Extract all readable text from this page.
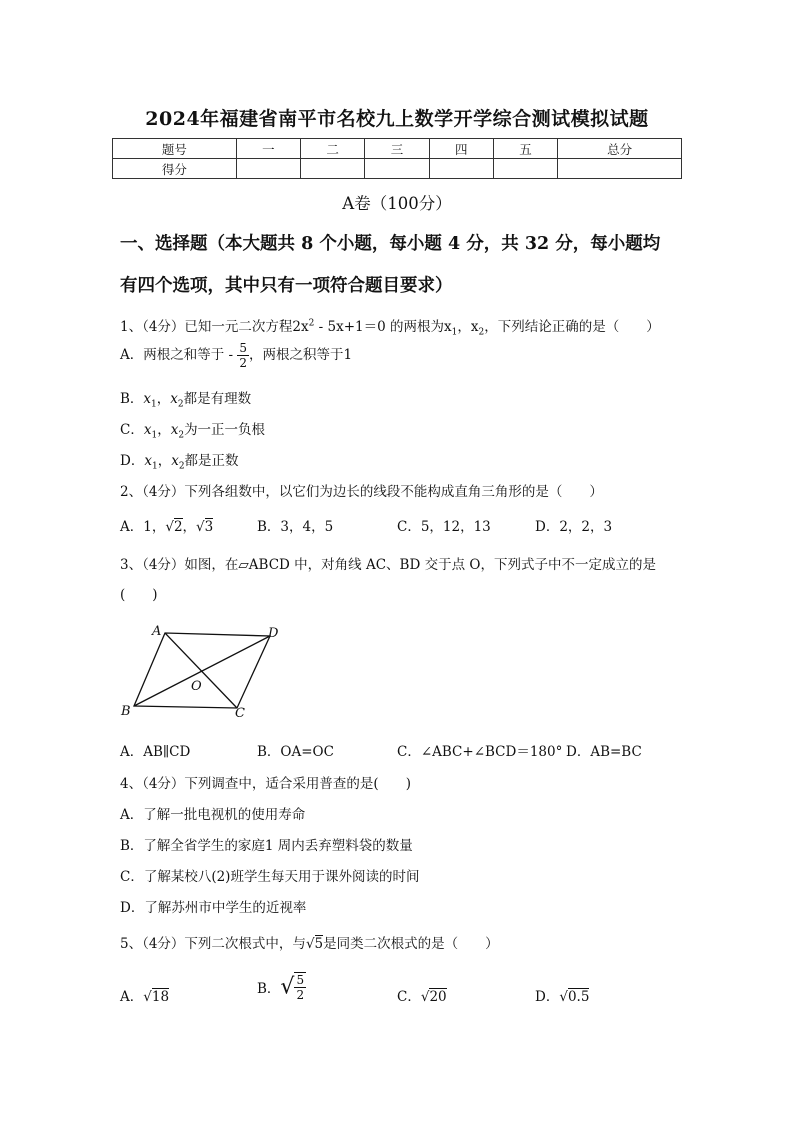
2024年福建省南平市名校九上数学开学综合测试模拟试题
题号	一	二	三	四	五	总分
得分						
A卷（100分）
一、选择题（本大题共 8 个小题，每小题 4 分，共 32 分，每小题均
有四个选项，其中只有一项符合题目要求）
1、（4分）已知一元二次方程$2x^2 - 5x+1=0$ 的两根为$x_1$，$x_2$，下列结论正确的是（　　）
A．两根之和等于 - $\frac{5}{2}$ ，两根之积等于1
B．$x_1$，$x_2$都是有理数
C．$x_1$，$x_2$为一正一负根
D．$x_1$，$x_2$都是正数
2、（4分）下列各组数中，以它们为边长的线段不能构成直角三角形的是（　　）
A．1，√2，√3	B．3，4，5	C．5，12，13	D．2，2，3
3、（4分）如图，在▱ABCD 中，对角线 AC、BD 交于点 O，下列式子中不一定成立的是
(　　)
A	D
O
B	C
A．AB∥CD	B．OA=OC	C．∠ABC+∠BCD＝180° D．AB=BC
4、（4分）下列调查中，适合采用普查的是(　　)
A．了解一批电视机的使用寿命
B．了解全省学生的家庭1 周内丢弃塑料袋的数量
C．了解某校八(2)班学生每天用于课外阅读的时间
D．了解苏州市中学生的近视率
5、（4分）下列二次根式中，与√5是同类二次根式的是（　　）
A．√18	B．√ $\frac{5}{2}$	C．√20	D．√0.5
